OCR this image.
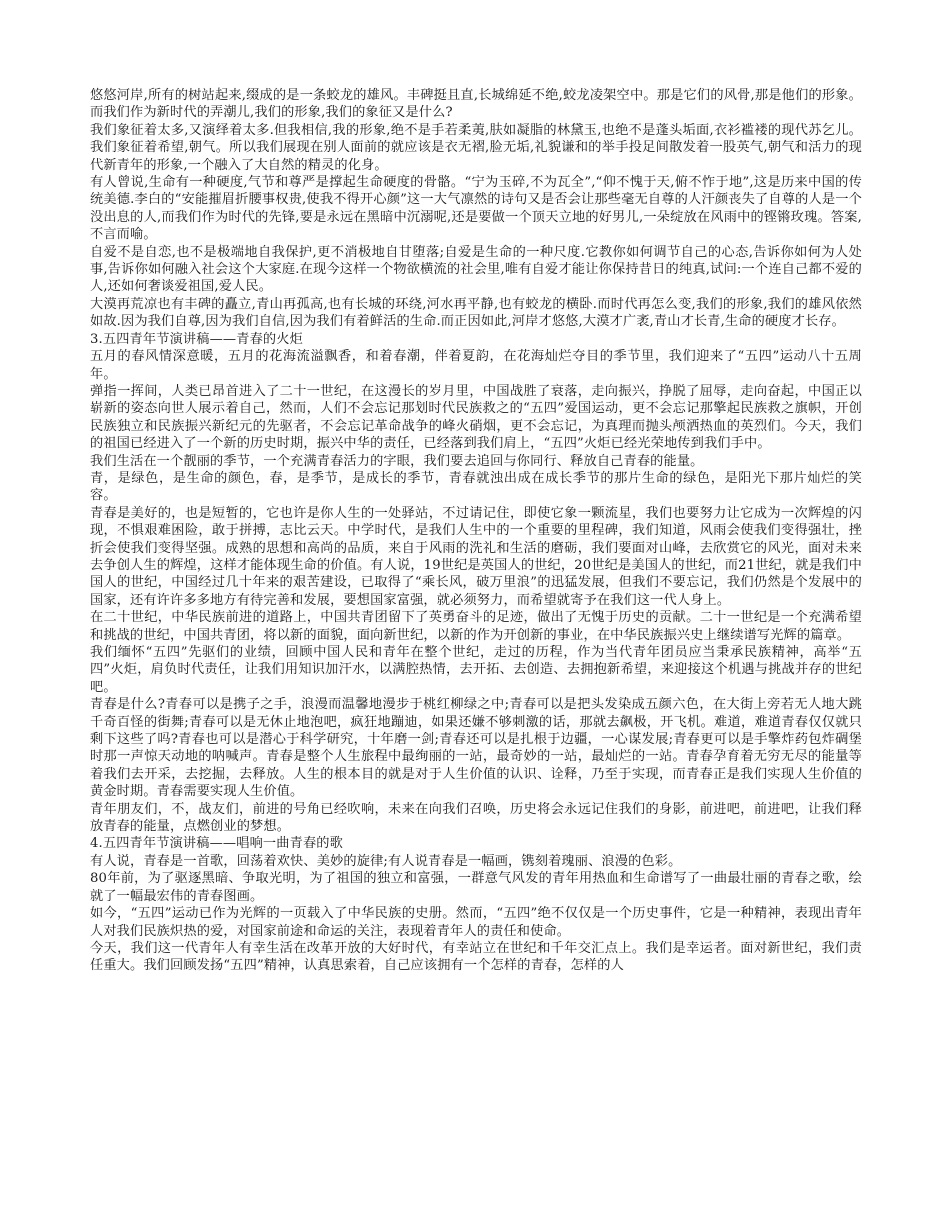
悠悠河岸,所有的树站起来,缀成的是一条蛟龙的雄风。丰碑挺且直,长城绵延不绝,蛟龙凌架空中。那是它们的风骨,那是他们的形象。而我们作为新时代的弄潮儿,我们的形象,我们的象征又是什么?

我们象征着太多,又演绎着太多.但我相信,我的形象,绝不是手若柔荑,肤如凝脂的林黛玉,也绝不是蓬头垢面,衣衫褴褛的现代苏乞儿。我们象征着希望,朝气。所以我们展现在别人面前的就应该是衣无褶,脸无垢,礼貌谦和的举手投足间散发着一股英气,朝气和活力的现代新青年的形象,一个融入了大自然的精灵的化身。

有人曾说,生命有一种硬度,气节和尊严是撑起生命硬度的骨骼。“宁为玉碎,不为瓦全”,“仰不愧于天,俯不怍于地”,这是历来中国的传统美德.李白的“安能摧眉折腰事权贵,使我不得开心颜”这一大气凛然的诗句又是否会让那些毫无自尊的人汗颜丧失了自尊的人是一个没出息的人,而我们作为时代的先锋,要是永远在黑暗中沉溺呢,还是要做一个顶天立地的好男儿,一朵绽放在风雨中的铿锵玫瑰。答案,不言而喻。

自爱不是自恋,也不是极端地自我保护,更不消极地自甘堕落;自爱是生命的一种尺度.它教你如何调节自己的心态,告诉你如何为人处事,告诉你如何融入社会这个大家庭.在现今这样一个物欲横流的社会里,唯有自爱才能让你保持昔日的纯真,试问:一个连自己都不爱的人,还如何奢谈爱祖国,爱人民。

大漠再荒凉也有丰碑的矗立,青山再孤高,也有长城的环绕,河水再平静,也有蛟龙的横卧.而时代再怎么变,我们的形象,我们的雄风依然如故.因为我们自尊,因为我们自信,因为我们有着鲜活的生命.而正因如此,河岸才悠悠,大漠才广袤,青山才长青,生命的硬度才长存。

3.五四青年节演讲稿——青春的火炬

五月的春风情深意暖，五月的花海流溢飘香，和着春潮，伴着夏韵，在花海灿烂夺目的季节里，我们迎来了“五四”运动八十五周年。

弹指一挥间，人类已昂首进入了二十一世纪，在这漫长的岁月里，中国战胜了衰落，走向振兴，挣脱了屈辱，走向奋起，中国正以崭新的姿态向世人展示着自己，然而，人们不会忘记那划时代民族救之的“五四”爱国运动，更不会忘记那擎起民族救之旗帜，开创民族独立和民族振兴新纪元的先驱者，不会忘记革命战争的峰火硝烟，更不会忘记，为真理而抛头颅洒热血的英烈们。今天，我们的祖国已经进入了一个新的历史时期，振兴中华的责任，已经落到我们肩上，“五四”火炬已经光荣地传到我们手中。

我们生活在一个靓丽的季节，一个充满青春活力的字眼，我们要去追回与你同行、释放自己青春的能量。

青，是绿色，是生命的颜色，春，是季节，是成长的季节，青春就浊出成在成长季节的那片生命的绿色，是阳光下那片灿烂的笑容。

青春是美好的，也是短暂的，它也许是你人生的一处驿站，不过请记住，即使它象一颗流星，我们也要努力让它成为一次辉煌的闪现，不惧艰难困险，敢于拼搏，志比云天。中学时代，是我们人生中的一个重要的里程碑，我们知道，风雨会使我们变得强壮，挫折会使我们变得坚强。成熟的思想和高尚的品质，来自于风雨的洗礼和生活的磨砺，我们要面对山峰，去欣赏它的风光，面对未来去争创人生的辉煌，这样才能体现生命的价值。有人说，19世纪是英国人的世纪，20世纪是美国人的世纪，而21世纪，就是我们中国人的世纪，中国经过几十年来的艰苦建设，已取得了“乘长风，破万里浪”的迅猛发展，但我们不要忘记，我们仍然是个发展中的国家，还有许许多多地方有待完善和发展，要想国家富强，就必须努力，而希望就寄予在我们这一代人身上。

在二十世纪，中华民族前进的道路上，中国共青团留下了英勇奋斗的足迹，做出了无愧于历史的贡献。二十一世纪是一个充满希望和挑战的世纪，中国共青团，将以新的面貌，面向新世纪，以新的作为开创新的事业，在中华民族振兴史上继续谱写光辉的篇章。

我们缅怀“五四”先驱们的业绩，回顾中国人民和青年在整个世纪，走过的历程，作为当代青年团员应当秉承民族精神，高举“五四”火炬，肩负时代责任，让我们用知识加汗水，以满腔热情，去开拓、去创造、去拥抱新希望，来迎接这个机遇与挑战并存的世纪吧。

青春是什么?青春可以是携子之手，浪漫而温馨地漫步于桃红柳绿之中;青春可以是把头发染成五颜六色，在大街上旁若无人地大跳千奇百怪的街舞;青春可以是无休止地泡吧，疯狂地蹦迪，如果还嫌不够刺激的话，那就去飙极，开飞机。难道，难道青春仅仅就只剩下这些了吗?青春也可以是潜心于科学研究，十年磨一剑;青春还可以是扎根于边疆，一心谋发展;青春更可以是手擎炸药包炸碉堡时那一声惊天动地的呐喊声。青春是整个人生旅程中最绚丽的一站，最奇妙的一站，最灿烂的一站。青春孕育着无穷无尽的能量等着我们去开采，去挖掘，去释放。人生的根本目的就是对于人生价值的认识、诠释，乃至于实现，而青春正是我们实现人生价值的黄金时期。青春需要实现人生价值。

青年朋友们，不，战友们，前进的号角已经吹响，未来在向我们召唤，历史将会永远记住我们的身影，前进吧，前进吧，让我们释放青春的能量，点燃创业的梦想。

4.五四青年节演讲稿——唱响一曲青春的歌

有人说，青春是一首歌，回荡着欢快、美妙的旋律;有人说青春是一幅画，镌刻着瑰丽、浪漫的色彩。

80年前，为了驱逐黑暗、争取光明，为了祖国的独立和富强，一群意气风发的青年用热血和生命谱写了一曲最壮丽的青春之歌，绘就了一幅最宏伟的青春图画。

如今，“五四”运动已作为光辉的一页载入了中华民族的史册。然而，“五四”绝不仅仅是一个历史事件，它是一种精神，表现出青年人对我们民族炽热的爱，对国家前途和命运的关注，表现着青年人的责任和使命。

今天，我们这一代青年人有幸生活在改革开放的大好时代，有幸站立在世纪和千年交汇点上。我们是幸运者。面对新世纪，我们责任重大。我们回顾发扬“五四”精神，认真思索着，自己应该拥有一个怎样的青春，怎样的人
